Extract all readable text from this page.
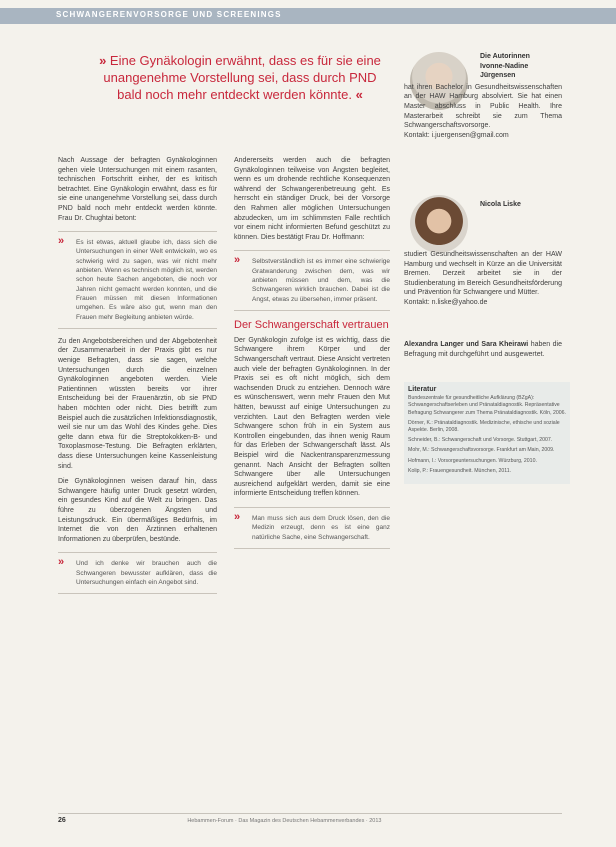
SCHWANGERENVORSORGE UND SCREENINGS
» Eine Gynäkologin erwähnt, dass es für sie eine unangenehme Vorstellung sei, dass durch PND bald noch mehr entdeckt werden könnte. «

Nach Aussage der befragten Gynäkologinnen gehen viele Untersuchungen mit einem rasanten, technischen Fortschritt einher, der es kritisch betrachtet. Eine Gynäkologin erwähnt, dass es für sie eine unangenehme Vorstellung sei, dass durch PND bald noch mehr entdeckt werden könnte. Frau Dr. Chughtai betont:

» Es ist etwas, aktuell glaube ich, dass sich die Untersuchungen in einer Welt entwickeln, wo es schwierig wird zu sagen, was wir nicht mehr anbieten. Wenn es technisch möglich ist, werden schon heute Sachen angeboten, die noch vor Jahren nicht gemacht werden konnten, und die Frauen müssen mit diesen Informationen umgehen. Es wäre also gut, wenn man den Frauen mehr Begleitung anbieten würde.

Zu den Angebotsbereichen und der Abgebotenheit der Zusammenarbeit in der Praxis gibt es nur wenige Befragten, dass sie sagen, welche Untersuchungen durch die einzelnen Gynäkologinnen angeboten werden. Viele Patientinnen wüssten bereits vor ihrer Entscheidung bei der Frauenärztin, ob sie PND haben möchten oder nicht. Dies betrifft zum Beispiel auch die zusätzlichen Infektionsdiagnostik, weil sie nur um das Wohl des Kindes gehe. Dies gelte dann etwa für die Streptokokken-B- und Toxoplasmose-Testung. Die Befragten erklärten, dass diese Untersuchungen keine Kassenleistung sind.

Die Gynäkologinnen weisen darauf hin, dass Schwangere häufig unter Druck gesetzt würden, ein gesundes Kind auf die Welt zu bringen. Das führe zu überzogenen Ängsten und Leistungsdruck. Ein übermäßiges Bedürfnis, im Internet die von den Ärztinnen erhaltenen Informationen zu überprüfen, bestünde.

» Und ich denke wir brauchen auch die Schwangeren bewusster aufklären, dass die Untersuchungen einfach ein Angebot sind.

Andererseits werden auch die befragten Gynäkologinnen teilweise von Ängsten begleitet, wenn es um drohende rechtliche Konsequenzen während der Schwangerenbetreuung geht. Es herrscht ein ständiger Druck, bei der Vorsorge den Rahmen aller möglichen Untersuchungen abzudecken, um im schlimmsten Falle rechtlich vor einem nicht informierten Befund geschützt zu können. Dies bestätigt Frau Dr. Hoffmann:

» Selbstverständlich ist es immer eine schwierige Gratwanderung zwischen dem, was wir anbieten müssen und dem, was die Schwangeren wirklich brauchen. Dabei ist die Angst, etwas zu übersehen, immer präsent.
Der Schwangerschaft vertrauen

Der Gynäkologin zufolge ist es wichtig, dass die Schwangere ihrem Körper und der Schwangerschaft vertraut. Diese Ansicht vertreten auch viele der befragten Gynäkologinnen. In der Praxis sei es oft nicht möglich, sich dem wachsenden Druck zu entziehen. Dennoch wäre es wünschenswert, wenn mehr Frauen den Mut hätten, bewusst auf einige Untersuchungen zu verzichten. Laut den Befragten werden viele Schwangere schon früh in ein System aus Kontrollen eingebunden, das ihnen wenig Raum für das Erleben der Schwangerschaft lässt. Als Beispiel wird die Nackentransparenzmessung genannt. Nach Ansicht der Befragten sollten Schwangere über alle Untersuchungen ausreichend aufgeklärt werden, damit sie eine informierte Entscheidung treffen können.

» Man muss sich aus dem Druck lösen, den die Medizin erzeugt, denn es ist eine ganz natürliche Sache, eine Schwangerschaft.
Die Autorinnen
Ivonne-Nadine Jürgensen
hat ihren Bachelor in Gesundheitswissenschaften an der HAW Hamburg absolviert. Sie hat einen Master abschluss in Public Health. Ihre Masterarbeit schreibt sie zum Thema Schwangerschaftsvorsorge.
Kontakt: i.juergensen@gmail.com
Nicola Liske
studiert Gesundheitswissenschaften an der HAW Hamburg und wechselt in Kürze an die Universität Bremen. Derzeit arbeitet sie in der Studienberatung im Bereich Gesundheitsförderung und Prävention für Schwangere und Mütter.
Kontakt: n.liske@yahoo.de
Alexandra Langer und Sara Kheirawi haben die Befragung mit durchgeführt und ausgewertet.
Literatur

Bundeszentrale für gesundheitliche Aufklärung (BZgA): Schwangerschaftserleben und Pränataldiagnostik. Repräsentative Befragung Schwangerer zum Thema Pränataldiagnostik. Köln, 2006.

Dörner, K.: Pränataldiagnostik. Medizinische, ethische und soziale Aspekte. Berlin, 2008.

Schneider, B.: Schwangerschaft und Vorsorge. Stuttgart, 2007.

Mohr, M.: Schwangerschaftsvorsorge. Frankfurt am Main, 2009.

Hofmann, I.: Vorsorgeuntersuchungen. Würzburg, 2010.

Kolip, P.: Frauengesundheit. München, 2011.

26	Hebammen-Forum · Das Magazin des Deutschen Hebammenverbandes · 2013
